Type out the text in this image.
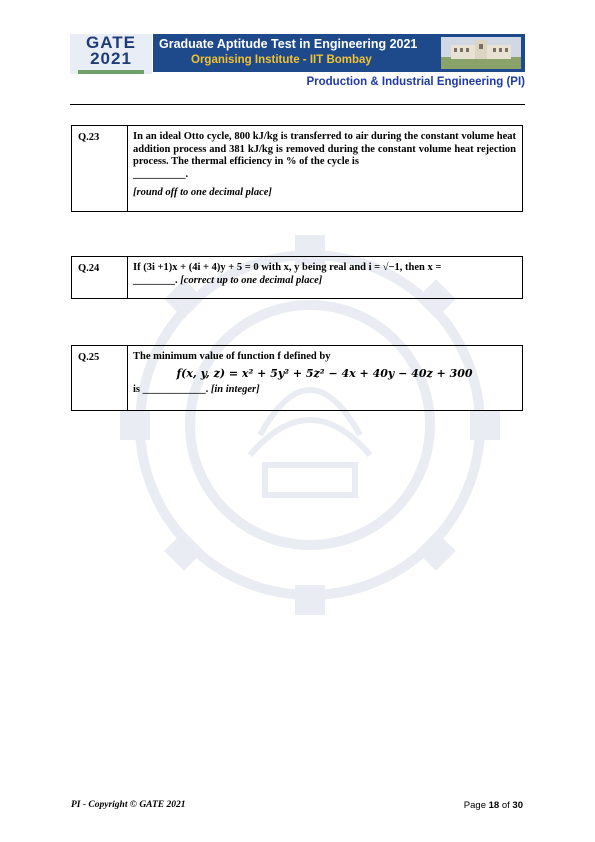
GATE
2021
Graduate Aptitude Test in Engineering 2021
Organising Institute - IIT Bombay
Production & Industrial Engineering (PI)
Q.23	In an ideal Otto cycle, 800 kJ/kg is transferred to air during the constant volume heat addition process and 381 kJ/kg is removed during the constant volume heat rejection process. The thermal efficiency in % of the cycle is
__________.
[round off to one decimal place]
Q.24	If (3i +1)x + (4i + 4)y + 5 = 0 with x, y being real and i = √−1, then x =
________. [correct up to one decimal place]
Q.25	The minimum value of function f defined by
f(x, y, z) = x² + 5y² + 5z² − 4x + 40y − 40z + 300
is ____________. [in integer]
PI - Copyright © GATE 2021	Page 18 of 30
